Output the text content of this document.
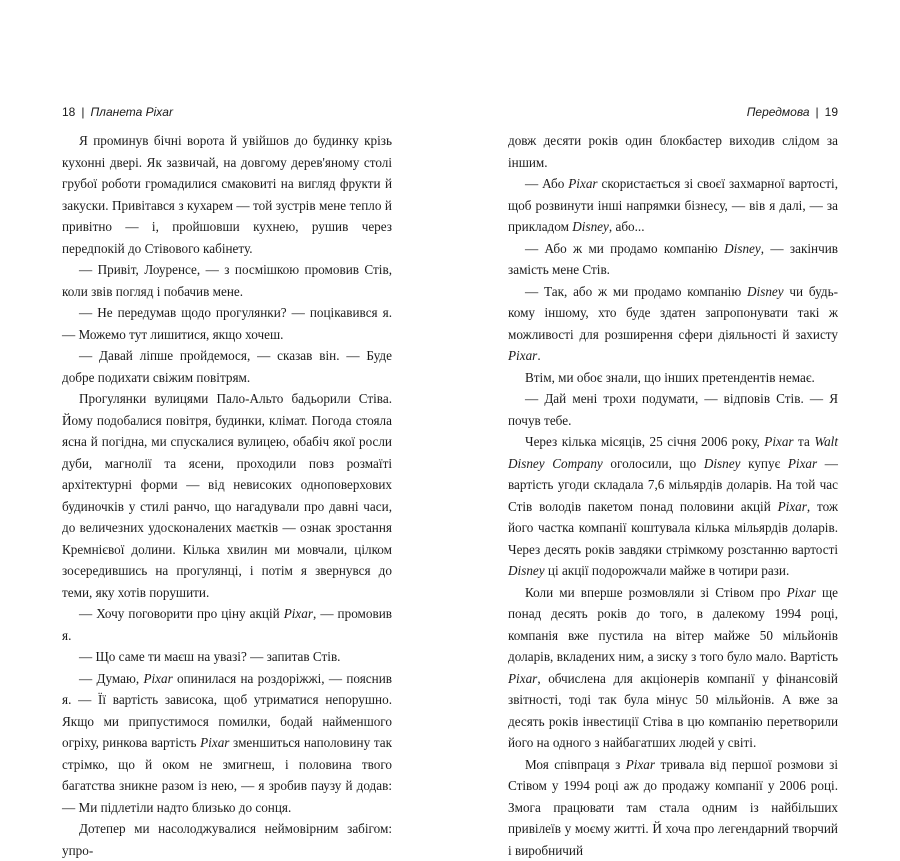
18 | Планета Pixar

Я проминув бічні ворота й увійшов до будинку крізь кухонні двері. Як зазвичай, на довгому дерев'яному столі грубої роботи громадилися смаковиті на вигляд фрукти й закуски. Привітався з кухарем — той зустрів мене тепло й привітно — і, пройшовши кухнею, рушив через передпокій до Стівового кабінету.

— Привіт, Лоуренсе, — з посмішкою промовив Стів, коли звів погляд і побачив мене.

— Не передумав щодо прогулянки? — поцікавився я. — Можемо тут лишитися, якщо хочеш.

— Давай ліпше пройдемося, — сказав він. — Буде добре подихати свіжим повітрям.

Прогулянки вулицями Пало-Альто бадьорили Стіва. Йому подобалися повітря, будинки, клімат. Погода стояла ясна й погідна, ми спускалися вулицею, обабіч якої росли дуби, магнолії та ясени, проходили повз розмаїті архітектурні форми — від невисоких одноповерхових будиночків у стилі ранчо, що нагадували про давні часи, до величезних удосконалених маєтків — ознак зростання Кремнієвої долини. Кілька хвилин ми мовчали, цілком зосередившись на прогулянці, і потім я звернувся до теми, яку хотів порушити.

— Хочу поговорити про ціну акцій Pixar, — промовив я.

— Що саме ти маєш на увазі? — запитав Стів.

— Думаю, Pixar опинилася на роздоріжжі, — пояснив я. — Її вартість зависока, щоб утриматися непорушно. Якщо ми припустимося помилки, бодай найменшого огріху, ринкова вартість Pixar зменшиться наполовину так стрімко, що й оком не змигнеш, і половина твого багатства зникне разом із нею, — я зробив паузу й додав: — Ми підлетіли надто близько до сонця.

Дотепер ми насолоджувалися неймовірним забігом: упро-

Передмова | 19

довж десяти років один блокбастер виходив слідом за іншим.

— Або Pixar скористається зі своєї захмарної вартості, щоб розвинути інші напрямки бізнесу, — вів я далі, — за прикладом Disney, або...

— Або ж ми продамо компанію Disney, — закінчив замість мене Стів.

— Так, або ж ми продамо компанію Disney чи будь-кому іншому, хто буде здатен запропонувати такі ж можливості для розширення сфери діяльності й захисту Pixar.

Втім, ми обоє знали, що інших претендентів немає.

— Дай мені трохи подумати, — відповів Стів. — Я почув тебе.

Через кілька місяців, 25 січня 2006 року, Pixar та Walt Disney Company оголосили, що Disney купує Pixar — вартість угоди складала 7,6 мільярдів доларів. На той час Стів володів пакетом понад половини акцій Pixar, тож його частка компанії коштувала кілька мільярдів доларів. Через десять років завдяки стрімкому розстанню вартості Disney ці акції подорожчали майже в чотири рази.

Коли ми вперше розмовляли зі Стівом про Pixar ще понад десять років до того, в далекому 1994 році, компанія вже пустила на вітер майже 50 мільйонів доларів, вкладених ним, а зиску з того було мало. Вартість Pixar, обчислена для акціонерів компанії у фінансовій звітності, тоді так була мінус 50 мільйонів. А вже за десять років інвестиції Стіва в цю компанію перетворили його на одного з найбагатших людей у світі.

Моя співпраця з Pixar тривала від першої розмови зі Стівом у 1994 році аж до продажу компанії у 2006 році. Змога працювати там стала одним із найбільших привілеїв у моєму житті. Й хоча про легендарний творчий і виробничий
